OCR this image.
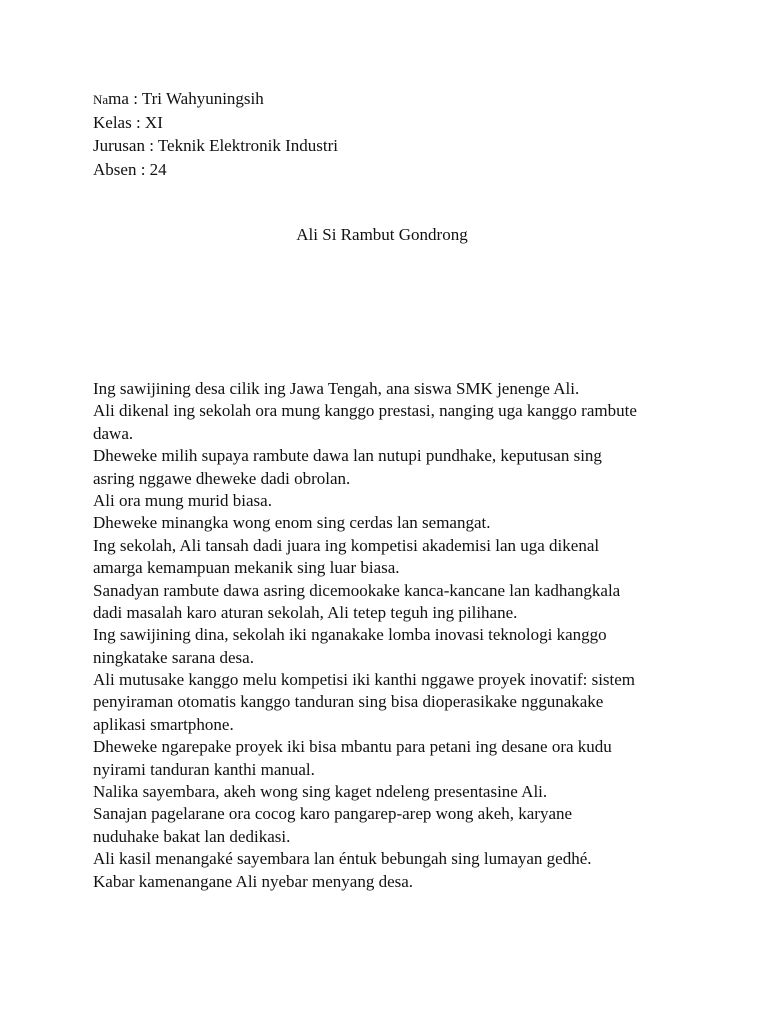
Nama : Tri Wahyuningsih
Kelas : XI
Jurusan : Teknik Elektronik Industri
Absen : 24
Ali Si Rambut Gondrong
Ing sawijining desa cilik ing Jawa Tengah, ana siswa SMK jenenge Ali.
Ali dikenal ing sekolah ora mung kanggo prestasi, nanging uga kanggo rambute
dawa.
Dheweke milih supaya rambute dawa lan nutupi pundhake, keputusan sing
asring nggawe dheweke dadi obrolan.
Ali ora mung murid biasa.
Dheweke minangka wong enom sing cerdas lan semangat.
Ing sekolah, Ali tansah dadi juara ing kompetisi akademisi lan uga dikenal
amarga kemampuan mekanik sing luar biasa.
Sanadyan rambute dawa asring dicemookake kanca-kancane lan kadhangkala
dadi masalah karo aturan sekolah, Ali tetep teguh ing pilihane.
Ing sawijining dina, sekolah iki nganakake lomba inovasi teknologi kanggo
ningkatake sarana desa.
Ali mutusake kanggo melu kompetisi iki kanthi nggawe proyek inovatif: sistem
penyiraman otomatis kanggo tanduran sing bisa dioperasikake nggunakake
aplikasi smartphone.
Dheweke ngarepake proyek iki bisa mbantu para petani ing desane ora kudu
nyirami tanduran kanthi manual.
Nalika sayembara, akeh wong sing kaget ndeleng presentasine Ali.
Sanajan pagelarane ora cocog karo pangarep-arep wong akeh, karyane
nuduhake bakat lan dedikasi.
Ali kasil menangaké sayembara lan éntuk bebungah sing lumayan gedhé.
Kabar kamenangane Ali nyebar menyang desa.
